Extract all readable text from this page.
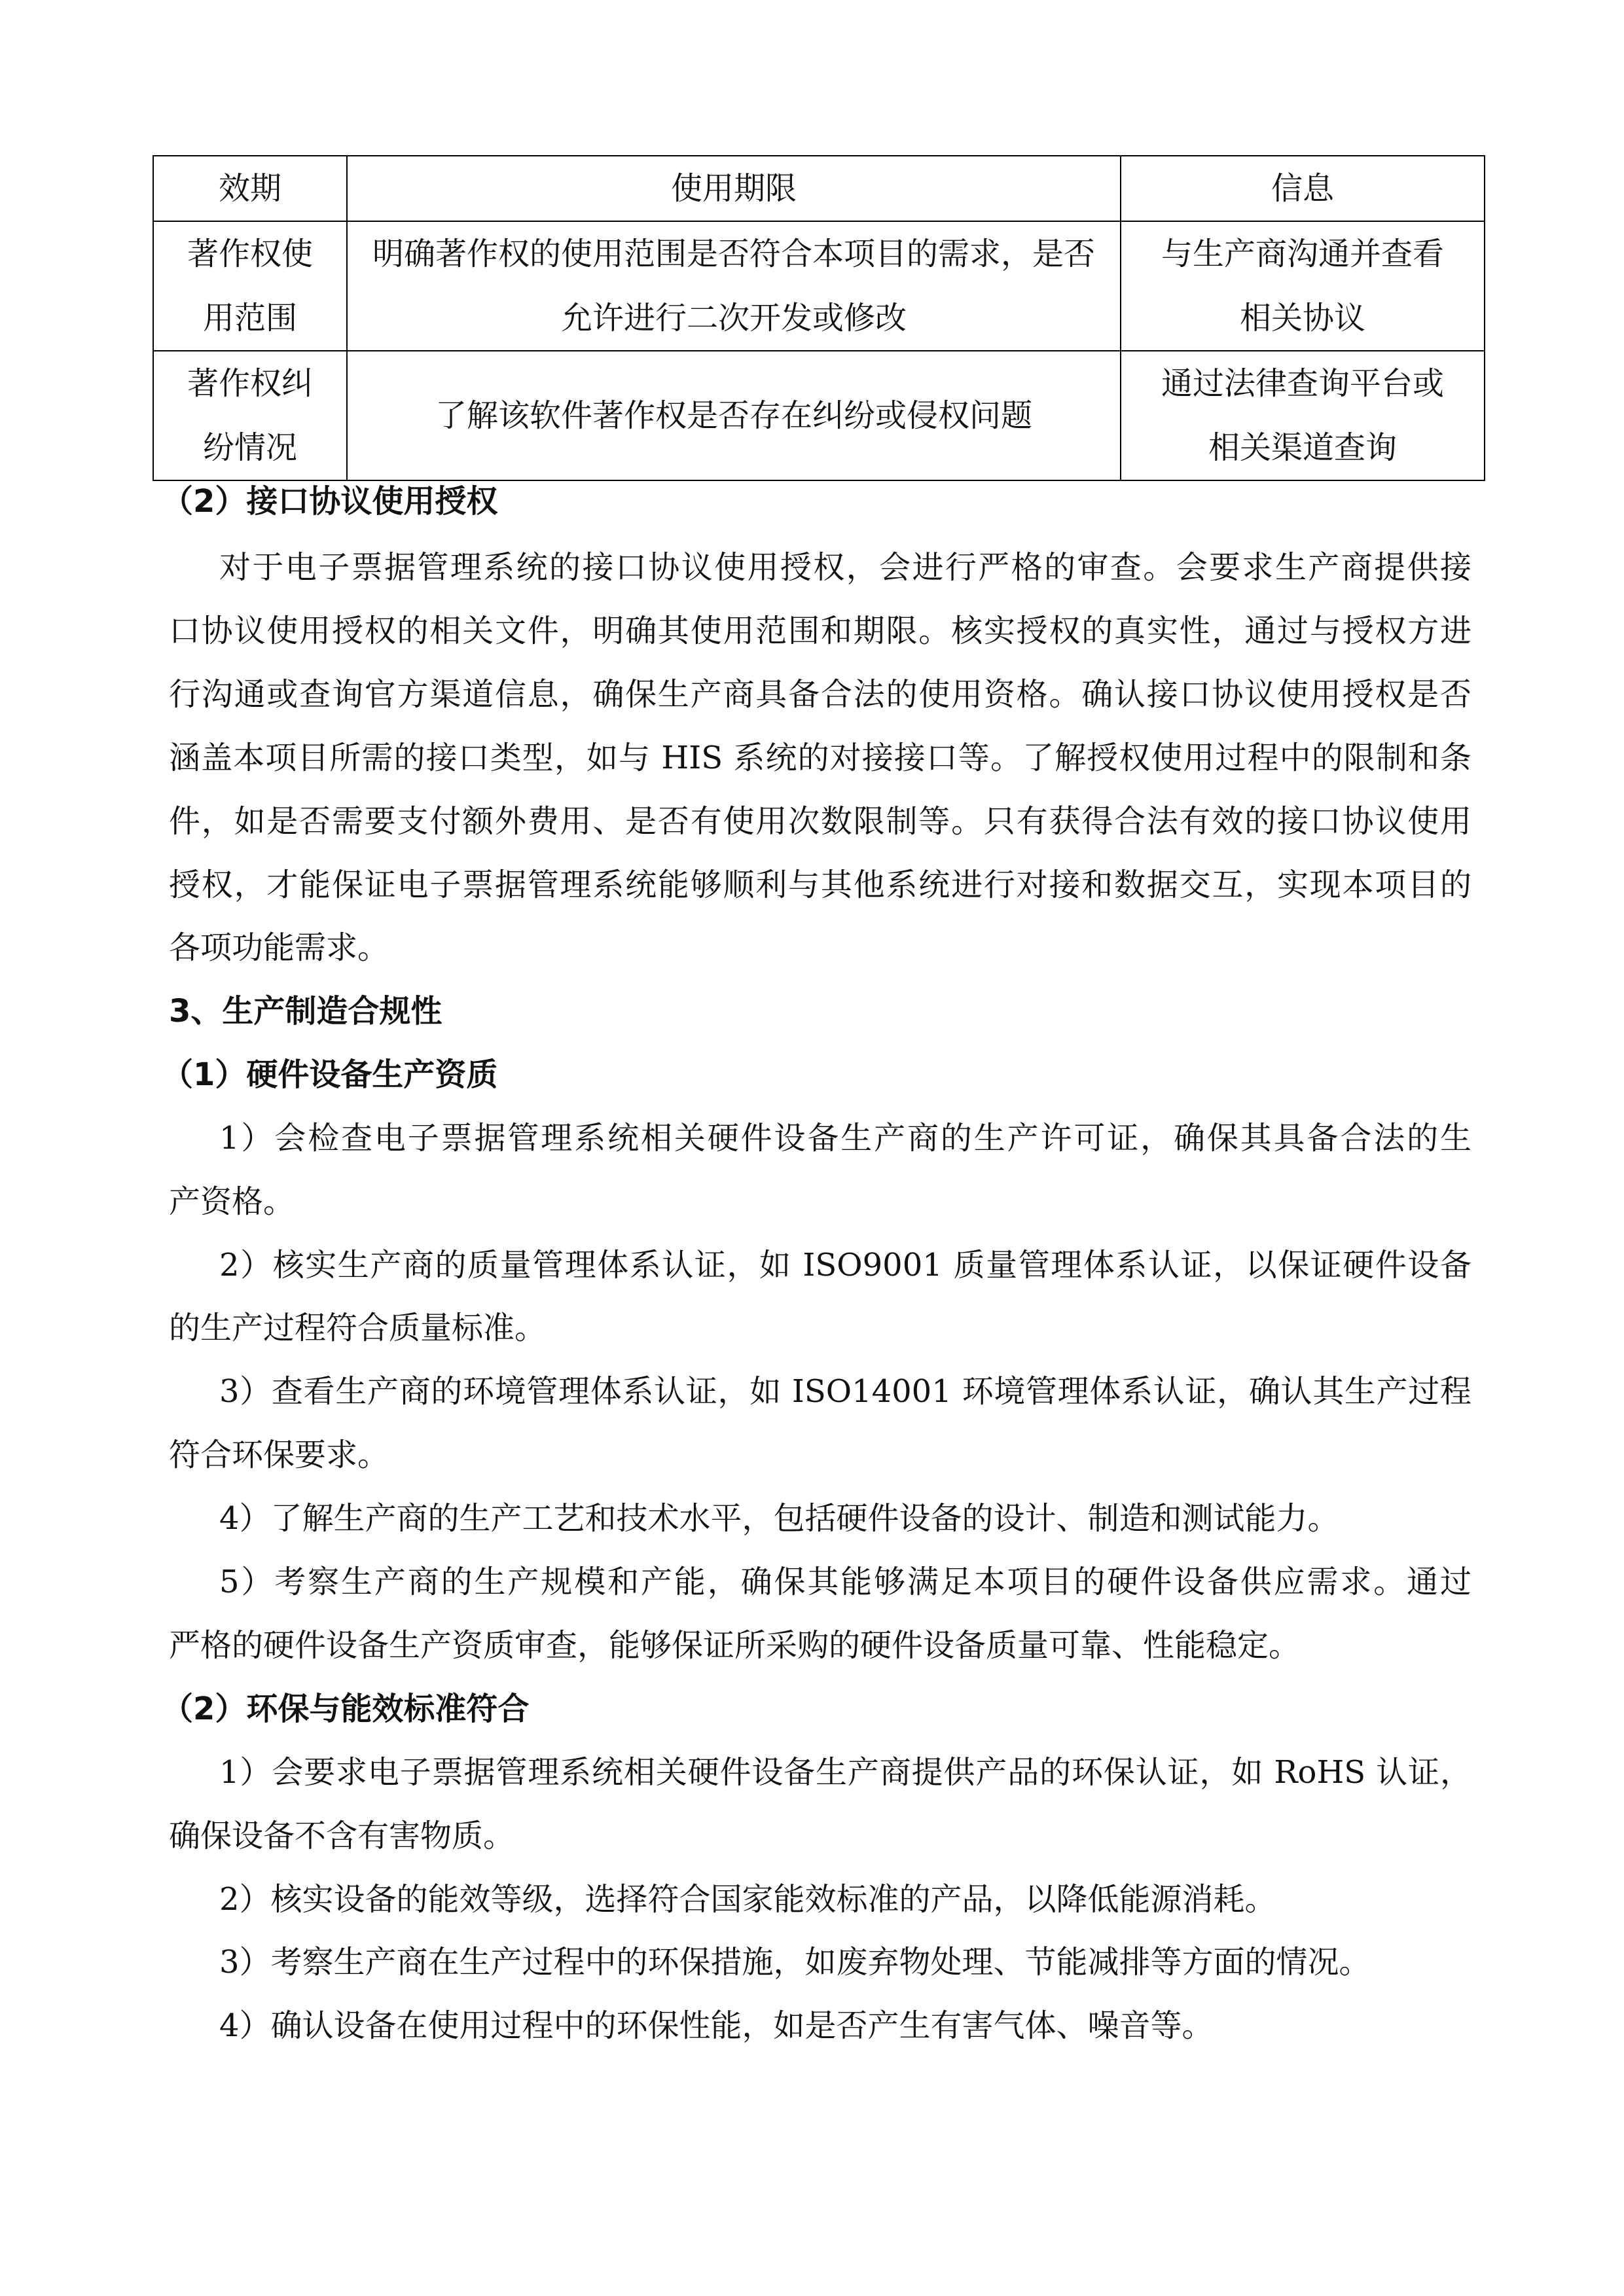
效期	使用期限	信息
著作权使用范围	明确著作权的使用范围是否符合本项目的需求，是否允许进行二次开发或修改	与生产商沟通并查看相关协议
著作权纠纷情况	了解该软件著作权是否存在纠纷或侵权问题	通过法律查询平台或相关渠道查询
（2）接口协议使用授权
对于电子票据管理系统的接口协议使用授权，会进行严格的审查。会要求生产商提供接
口协议使用授权的相关文件，明确其使用范围和期限。核实授权的真实性，通过与授权方进
行沟通或查询官方渠道信息，确保生产商具备合法的使用资格。确认接口协议使用授权是否
涵盖本项目所需的接口类型，如与 HIS 系统的对接接口等。了解授权使用过程中的限制和条
件，如是否需要支付额外费用、是否有使用次数限制等。只有获得合法有效的接口协议使用
授权，才能保证电子票据管理系统能够顺利与其他系统进行对接和数据交互，实现本项目的
各项功能需求。
3、生产制造合规性
（1）硬件设备生产资质
1）会检查电子票据管理系统相关硬件设备生产商的生产许可证，确保其具备合法的生
产资格。
2）核实生产商的质量管理体系认证，如 ISO9001 质量管理体系认证，以保证硬件设备
的生产过程符合质量标准。
3）查看生产商的环境管理体系认证，如 ISO14001 环境管理体系认证，确认其生产过程
符合环保要求。
4）了解生产商的生产工艺和技术水平，包括硬件设备的设计、制造和测试能力。
5）考察生产商的生产规模和产能，确保其能够满足本项目的硬件设备供应需求。通过
严格的硬件设备生产资质审查，能够保证所采购的硬件设备质量可靠、性能稳定。
（2）环保与能效标准符合
1）会要求电子票据管理系统相关硬件设备生产商提供产品的环保认证，如 RoHS 认证，
确保设备不含有害物质。
2）核实设备的能效等级，选择符合国家能效标准的产品，以降低能源消耗。
3）考察生产商在生产过程中的环保措施，如废弃物处理、节能减排等方面的情况。
4）确认设备在使用过程中的环保性能，如是否产生有害气体、噪音等。
